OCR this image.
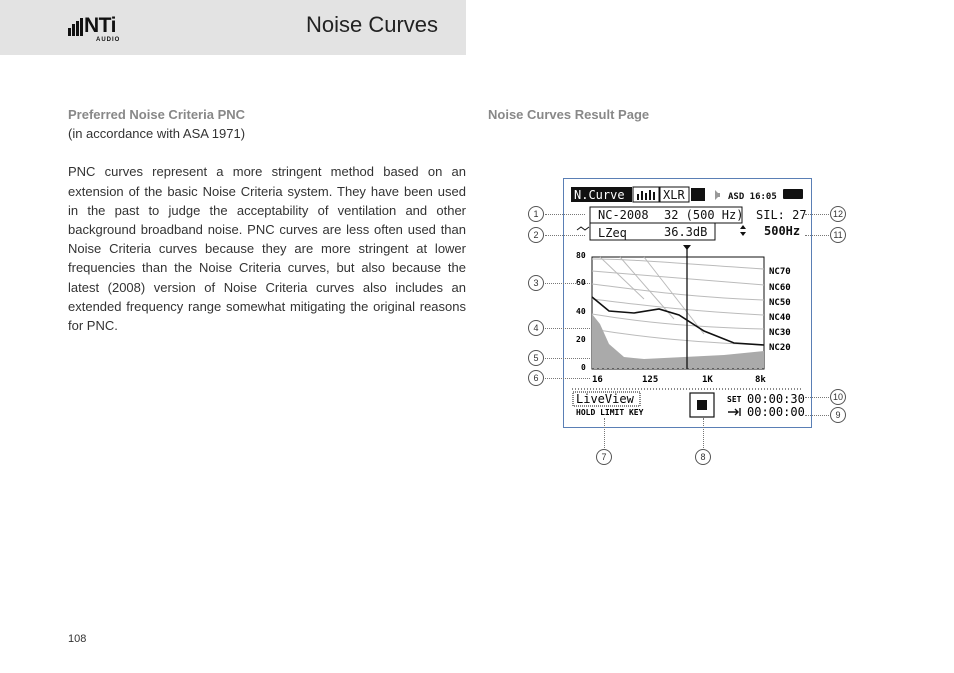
NTi
AUDIO
Noise Curves
Preferred Noise Criteria PNC
(in accordance with ASA 1971)
PNC curves represent a more stringent method based on an extension of the basic Noise Criteria system. They have been used in the past to judge the acceptability of ventilation and other background broadband noise. PNC curves are less often used than Noise Criteria curves because they are more stringent at lower frequencies than the Noise Criteria curves, but also because the latest (2008) version of Noise Criteria curves also includes an extended frequency range somewhat mitigating the original reasons for PNC.
Noise Curves Result Page
N.Curve	XLR	ASD 16:05
NC-2008 32 (500 Hz) SIL: 27
LZeq	36.3dB	500Hz
80
60
40
20
0
NC70
NC60
NC50
NC40
NC30
NC20
16	125	1K	8k
LiveView
HOLD LIMIT KEY
SET 00:00:30
00:00:00
1
2
3
4
5
6
7	8
9
10
11
12
108
